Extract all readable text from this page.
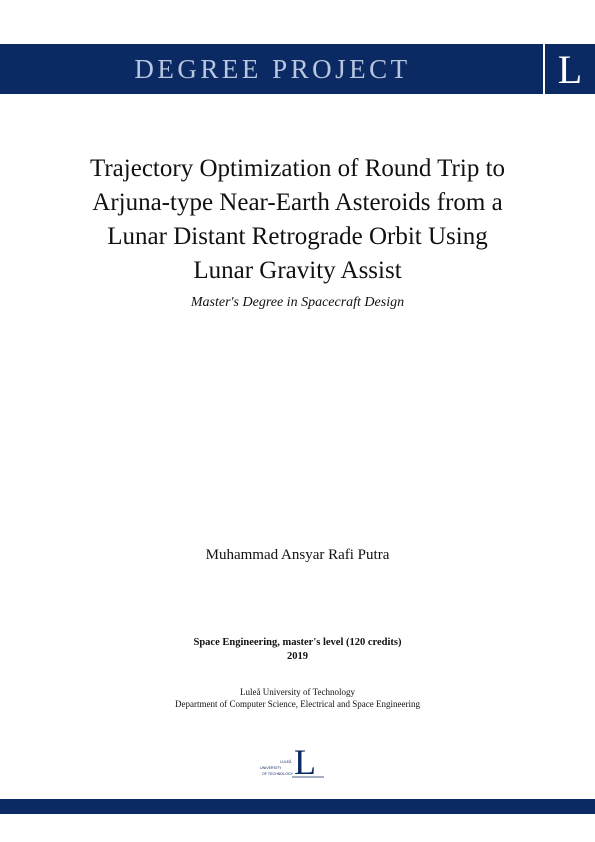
DEGREE PROJECT	L
Trajectory Optimization of Round Trip to
Arjuna-type Near-Earth Asteroids from a
Lunar Distant Retrograde Orbit Using
Lunar Gravity Assist
Master's Degree in Spacecraft Design
Muhammad Ansyar Rafi Putra
Space Engineering, master's level (120 credits)
2019
Luleå University of Technology
Department of Computer Science, Electrical and Space Engineering
L
LULEÅ
UNIVERSITY
OF TECHNOLOGY
